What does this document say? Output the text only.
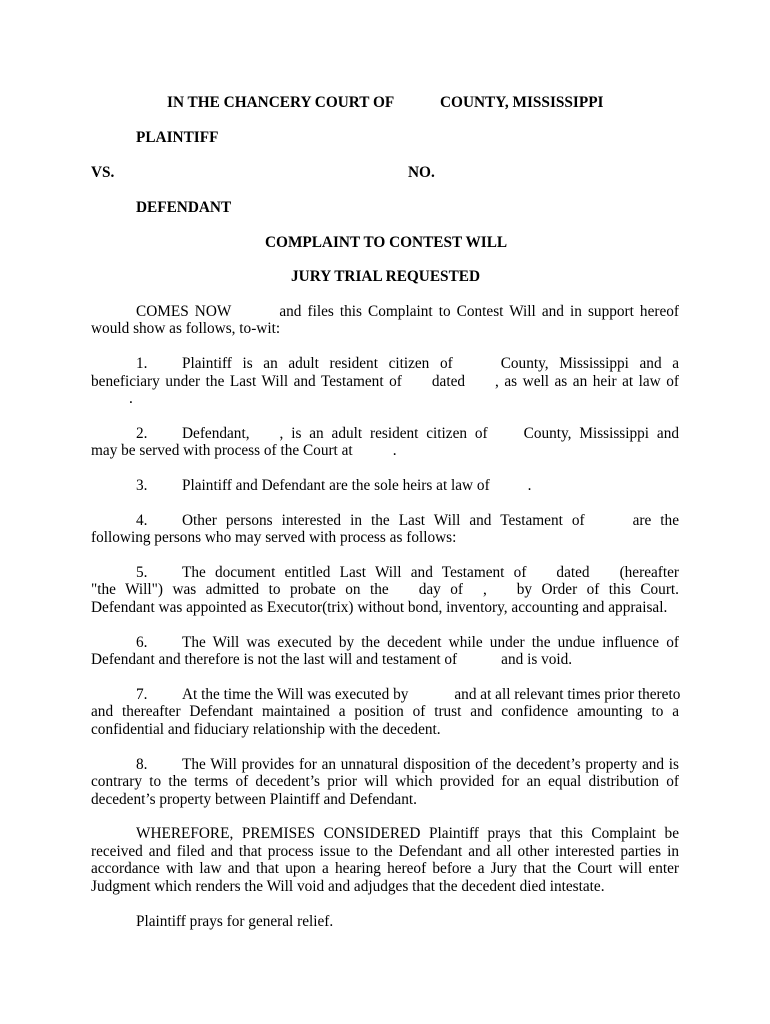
IN THE CHANCERY COURT OF	COUNTY, MISSISSIPPI
PLAINTIFF
VS.	NO.
DEFENDANT
COMPLAINT TO CONTEST WILL
JURY TRIAL REQUESTED
COMES NOW	and files this Complaint to Contest Will and in support hereof
would show as follows, to-wit:
1. Plaintiff is an adult resident citizen of	County, Mississippi and a
beneficiary under the Last Will and Testament of dated , as well as an heir at law of
.
2. Defendant, , is an adult resident citizen of County, Mississippi and
may be served with process of the Court at	.
3. Plaintiff and Defendant are the sole heirs at law of .
4. Other persons interested in the Last Will and Testament of	are the
following persons who may served with process as follows:
5. The document entitled Last Will and Testament of dated (hereafter
"the Will") was admitted to probate on the day of , by Order of this Court.
Defendant was appointed as Executor(trix) without bond, inventory, accounting and appraisal.
6. The Will was executed by the decedent while under the undue influence of
Defendant and therefore is not the last will and testament of	and is void.
7. At the time the Will was executed by	and at all relevant times prior thereto
and thereafter Defendant maintained a position of trust and confidence amounting to a
confidential and fiduciary relationship with the decedent.
8. The Will provides for an unnatural disposition of the decedent’s property and is
contrary to the terms of decedent’s prior will which provided for an equal distribution of
decedent’s property between Plaintiff and Defendant.
WHEREFORE, PREMISES CONSIDERED Plaintiff prays that this Complaint be
received and filed and that process issue to the Defendant and all other interested parties in
accordance with law and that upon a hearing hereof before a Jury that the Court will enter
Judgment which renders the Will void and adjudges that the decedent died intestate.
Plaintiff prays for general relief.
